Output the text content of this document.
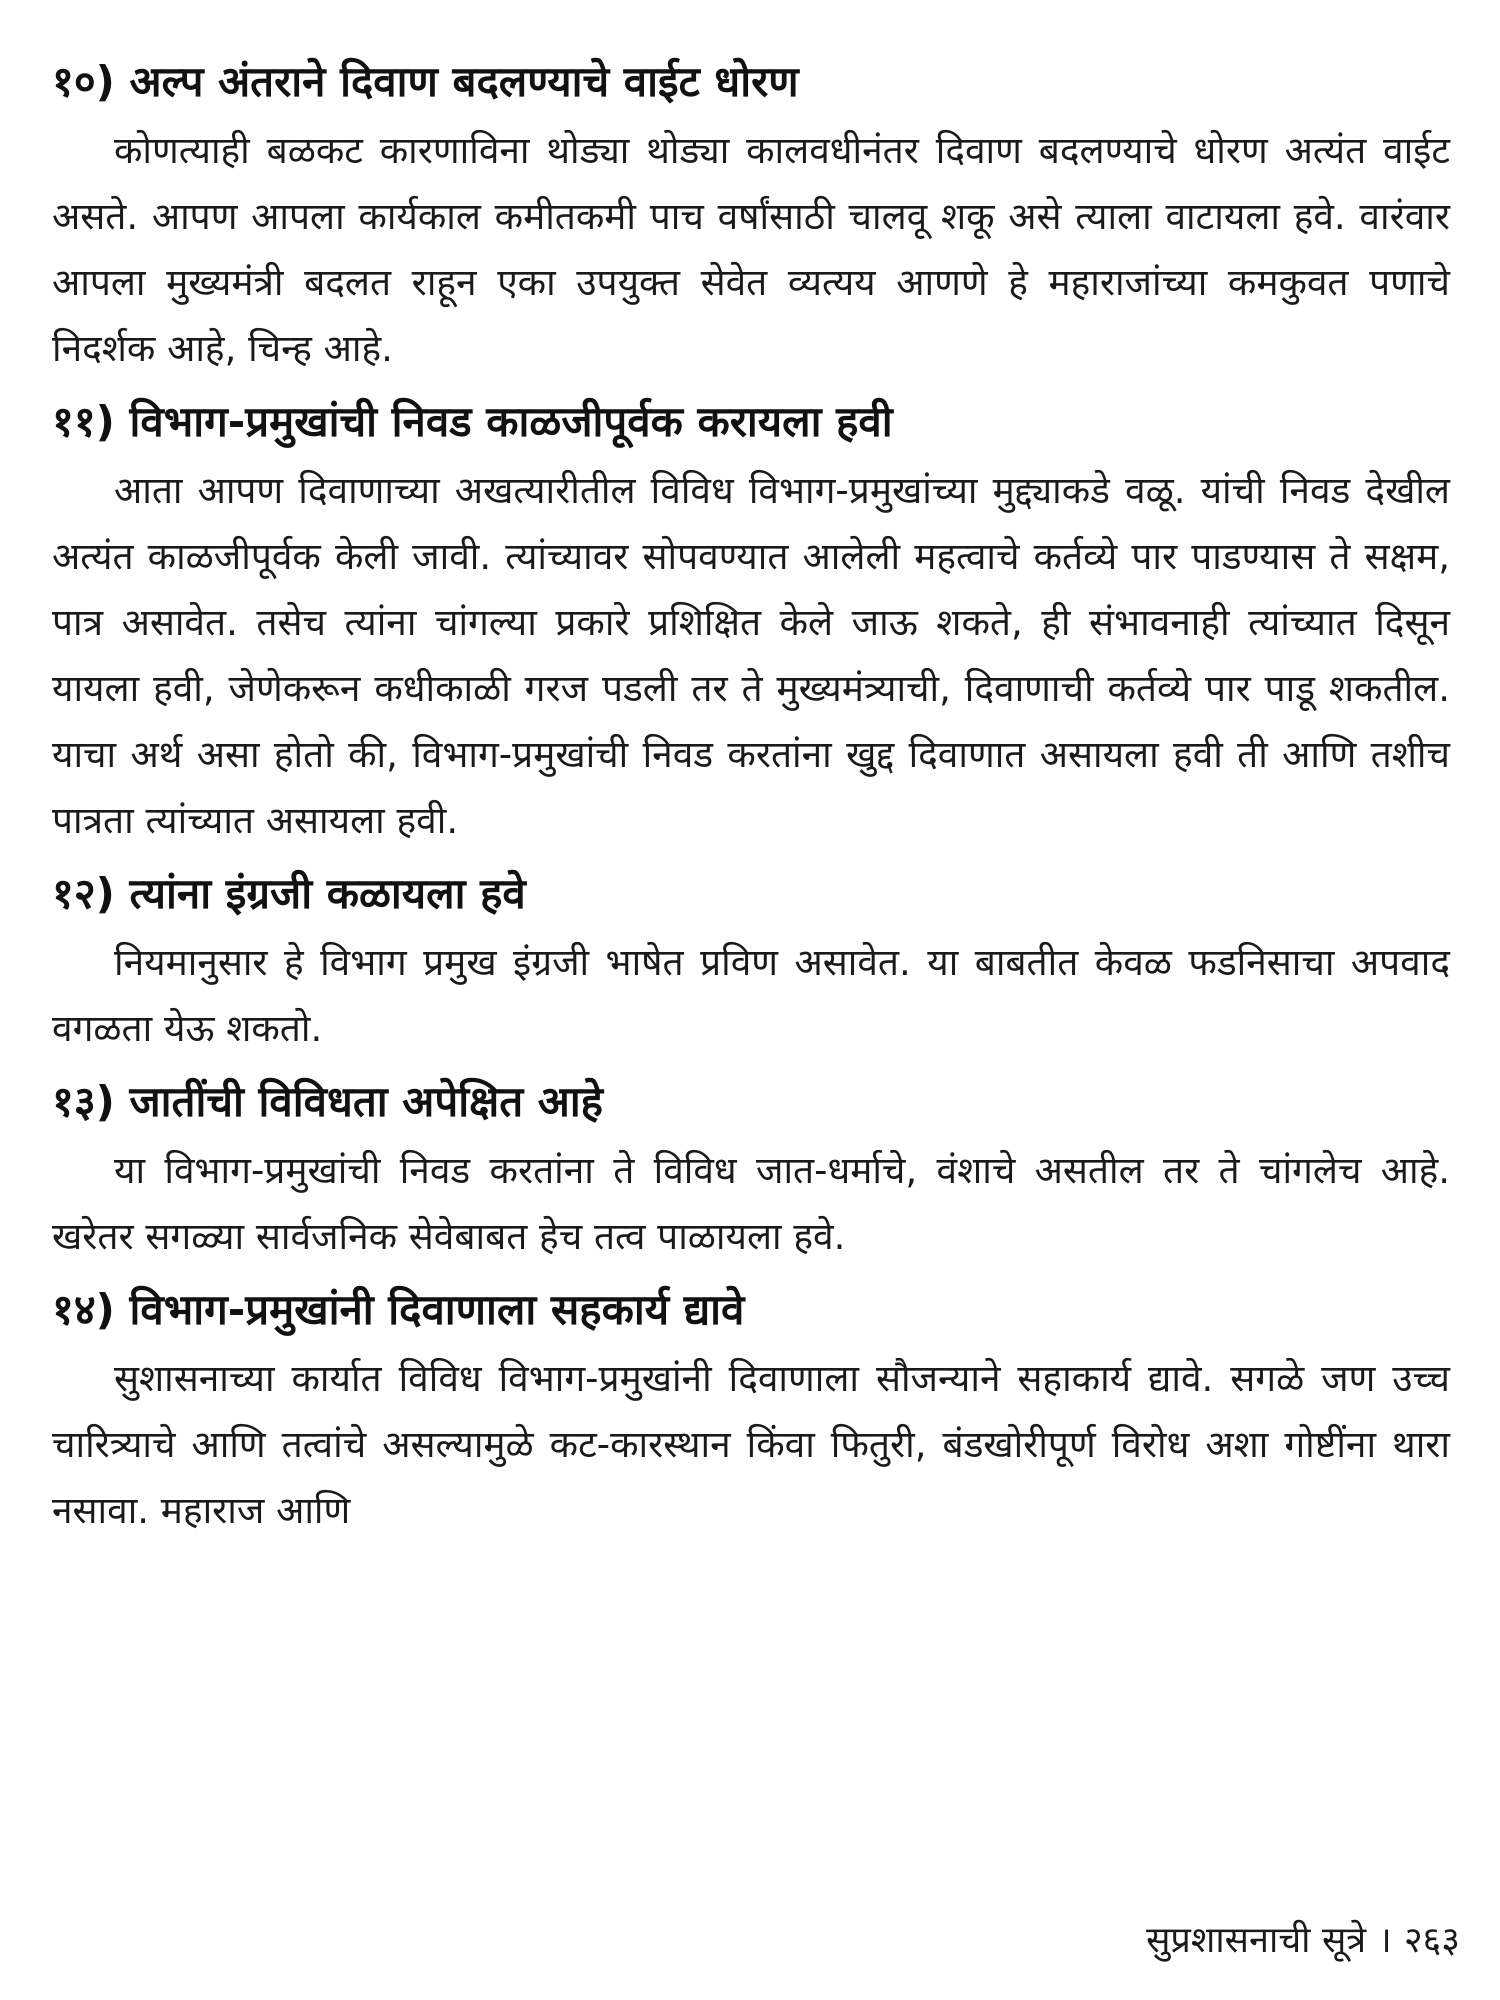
१०) अल्प अंतराने दिवाण बदलण्याचे वाईट धोरण

कोणत्याही बळकट कारणाविना थोड्या थोड्या कालवधीनंतर दिवाण बदलण्याचे धोरण अत्यंत वाईट असते. आपण आपला कार्यकाल कमीतकमी पाच वर्षांसाठी चालवू शकू असे त्याला वाटायला हवे. वारंवार आपला मुख्यमंत्री बदलत राहून एका उपयुक्त सेवेत व्यत्यय आणणे हे महाराजांच्या कमकुवत पणाचे निदर्शक आहे, चिन्ह आहे.

११) विभाग-प्रमुखांची निवड काळजीपूर्वक करायला हवी

आता आपण दिवाणाच्या अखत्यारीतील विविध विभाग-प्रमुखांच्या मुद्द्याकडे वळू. यांची निवड देखील अत्यंत काळजीपूर्वक केली जावी. त्यांच्यावर सोपवण्यात आलेली महत्वाचे कर्तव्ये पार पाडण्यास ते सक्षम, पात्र असावेत. तसेच त्यांना चांगल्या प्रकारे प्रशिक्षित केले जाऊ शकते, ही संभावनाही त्यांच्यात दिसून यायला हवी, जेणेकरून कधीकाळी गरज पडली तर ते मुख्यमंत्र्याची, दिवाणाची कर्तव्ये पार पाडू शकतील. याचा अर्थ असा होतो की, विभाग-प्रमुखांची निवड करतांना खुद्द दिवाणात असायला हवी ती आणि तशीच पात्रता त्यांच्यात असायला हवी.

१२) त्यांना इंग्रजी कळायला हवे

नियमानुसार हे विभाग प्रमुख इंग्रजी भाषेत प्रविण असावेत. या बाबतीत केवळ फडनिसाचा अपवाद वगळता येऊ शकतो.

१३) जातींची विविधता अपेक्षित आहे

या विभाग-प्रमुखांची निवड करतांना ते विविध जात-धर्माचे, वंशाचे असतील तर ते चांगलेच आहे. खरेतर सगळ्या सार्वजनिक सेवेबाबत हेच तत्व पाळायला हवे.

१४) विभाग-प्रमुखांनी दिवाणाला सहकार्य द्यावे

सुशासनाच्या कार्यात विविध विभाग-प्रमुखांनी दिवाणाला सौजन्याने सहाकार्य द्यावे. सगळे जण उच्च चारित्र्याचे आणि तत्वांचे असल्यामुळे कट-कारस्थान किंवा फितुरी, बंडखोरीपूर्ण विरोध अशा गोष्टींना थारा नसावा. महाराज आणि

सुप्रशासनाची सूत्रे । २६३
